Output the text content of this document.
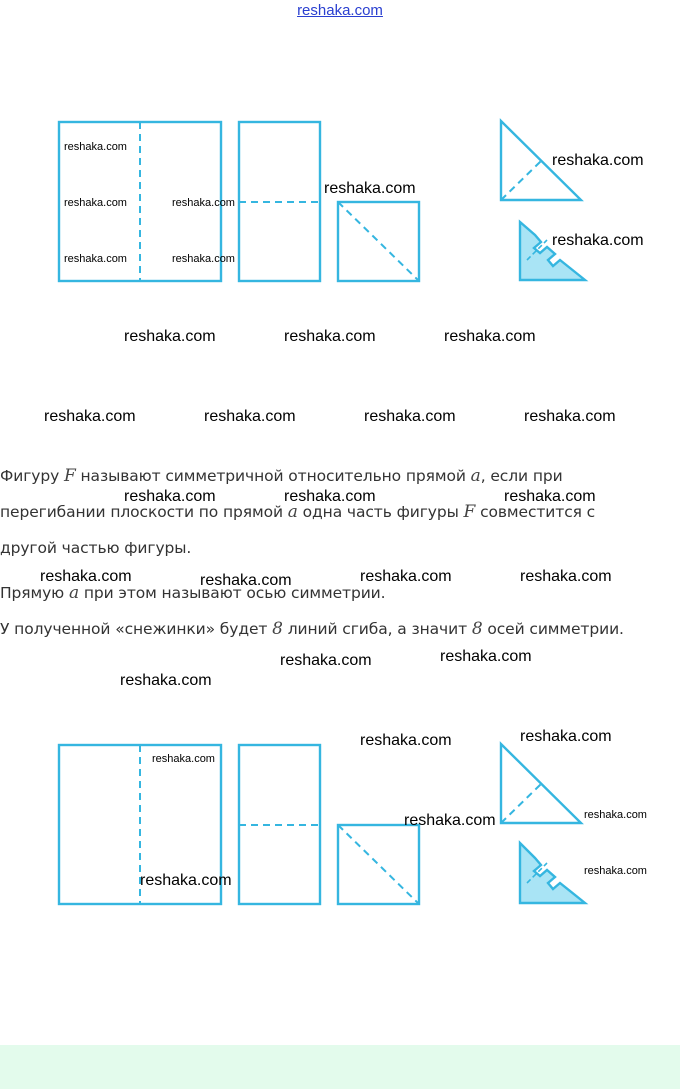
reshaka.com
Фигуру F называют симметричной относительно прямой a, если при
перегибании плоскости по прямой a одна часть фигуры F совместится с
другой частью фигуры.
Прямую a при этом называют осью симметрии.
У полученной «снежинки» будет 8 линий сгиба, а значит 8 осей симметрии.
reshaka.com
reshaka.com	reshaka.com
reshaka.com	reshaka.com
reshaka.com
reshaka.com
reshaka.com
reshaka.com	reshaka.com	reshaka.com
reshaka.com	reshaka.com	reshaka.com	reshaka.com
reshaka.com	reshaka.com	reshaka.com
reshaka.com	reshaka.com	reshaka.com	reshaka.com
reshaka.com	reshaka.com
reshaka.com
reshaka.com	reshaka.com
reshaka.com
reshaka.com	reshaka.com
reshaka.com
reshaka.com
